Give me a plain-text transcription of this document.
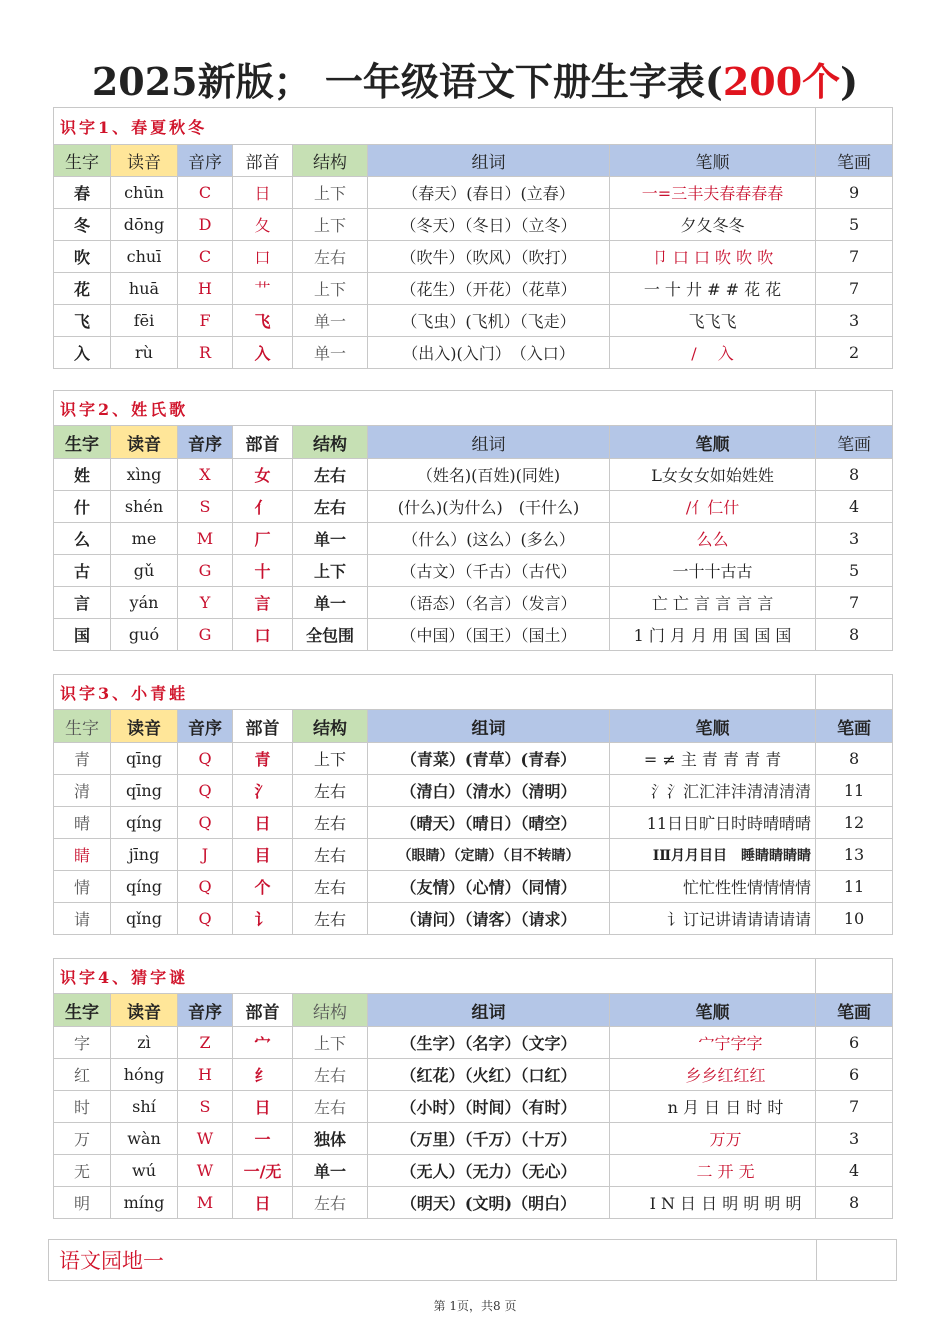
2025新版； 一年级语文下册生字表(200个)
识字1、春夏秋冬							
生字	读音	音序	部首	结构	组词	笔顺	笔画
春	chūn	C	日	上下	（春天）(春日）(立春）	一=三丰夫春春春春	9
冬	dōng	D	夂	上下	（冬天）（冬日）（立冬）	夕夂冬冬	5
吹	chuī	C	口	左右	（吹牛）（吹风）（吹打）	卩 口 口 吹 吹 吹	7
花	huā	H	艹	上下	（花生）（开花）（花草）	一 十 廾 # # 花 花	7
飞	fēi	F	飞	单一	（飞虫）(飞机）（飞走）	飞飞飞	3
入	rù	R	入	单一	（出入)(入门）　（入口）	/　 入	2
识字2、姓氏歌							
生字	读音	音序	部首	结构	组词	笔顺	笔画
姓	xìng	X	女	左右	（姓名)(百姓)(同姓)	L女女女如始姓姓	8
什	shén	S	亻	左右	(什么)(为什么)　(干什么)	/亻仁什	4
么	me	M	厂	单一	（什么）(这么）(多么）	么么	3
古	gǔ	G	十	上下	（古文）（千古）（古代）	一十十古古	5
言	yán	Y	言	单一	（语态）（名言）（发言）	亡 亡 言 言 言 言	7
国	guó	G	口	全包围	（中国）（国王）（国土）	1 门 月 月 用 国 国 国	8
识字3、小青蛙							
生字	读音	音序	部首	结构	组词	笔顺	笔画
青	qīng	Q	青	上下	（青菜）(青草）(青春）	= ≠ 主 青 青 青 青	8
清	qīng	Q	氵	左右	（清白）（清水）（清明）	氵氵汇汇沣沣清清清清	11
晴	qíng	Q	日	左右	（晴天）（晴日）（晴空）	11日日旷日时時晴晴晴	12
睛	jīng	J	目	左右	（眼睛）（定睛）（目不转睛）	IⅡ月月目目　睡睛睛睛睛	13
情	qíng	Q	个	左右	（友情）（心情）（同情）	忙忙性性情情情情	11
请	qǐng	Q	讠	左右	（请问）（请客）（请求）	讠订记讲请请请请请	10
识字4、猜字谜							
生字	读音	音序	部首	结构	组词	笔顺	笔画
字	zì	Z	宀	上下	（生字）（名字）（文字）	宀宁字字	6
红	hóng	H	纟	左右	（红花）（火红）（口红）	乡乡红红红	6
时	shí	S	日	左右	（小时）（时间）（有时）	n 月 日 日 时 时	7
万	wàn	W	一	独体	（万里）（千万）（十万）	万万	3
无	wú	W	一/无	单一	（无人）（无力）（无心）	二 开 无	4
明	míng	M	日	左右	（明天）(文明)（明白）	I N 日 日 明 明 明 明	8
语文园地一	
第 1页，共8 页
